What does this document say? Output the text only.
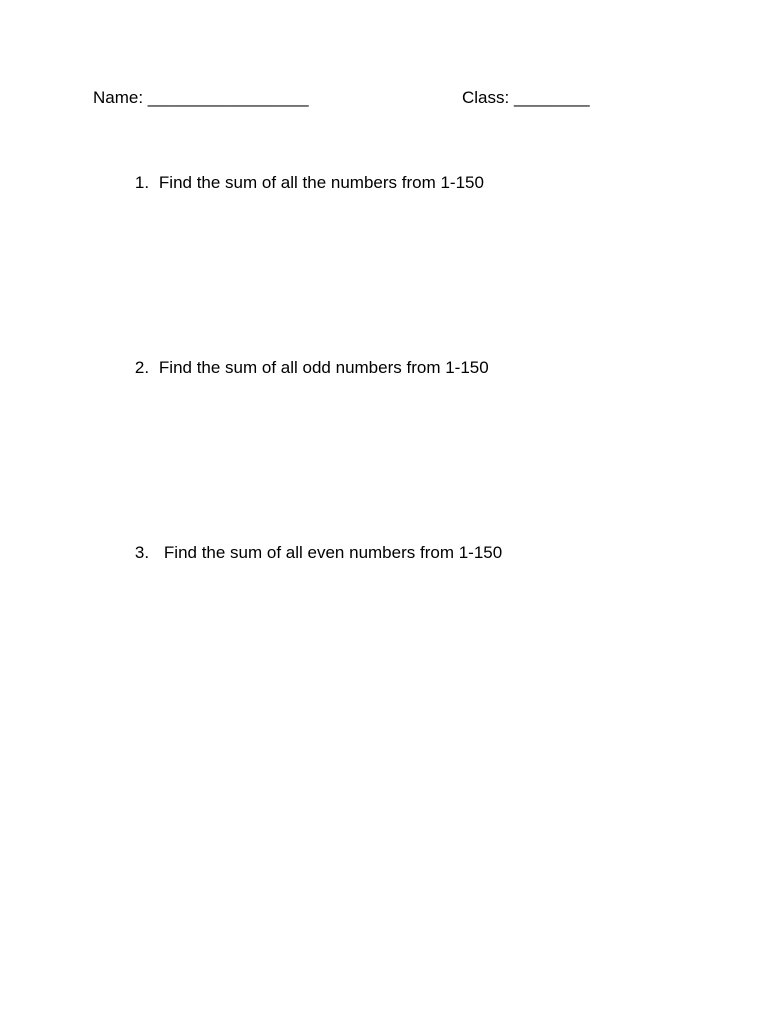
Name: _________________

	Class: ________

1. Find the sum of all the numbers from 1-150

2. Find the sum of all odd numbers from 1-150

3. Find the sum of all even numbers from 1-150
